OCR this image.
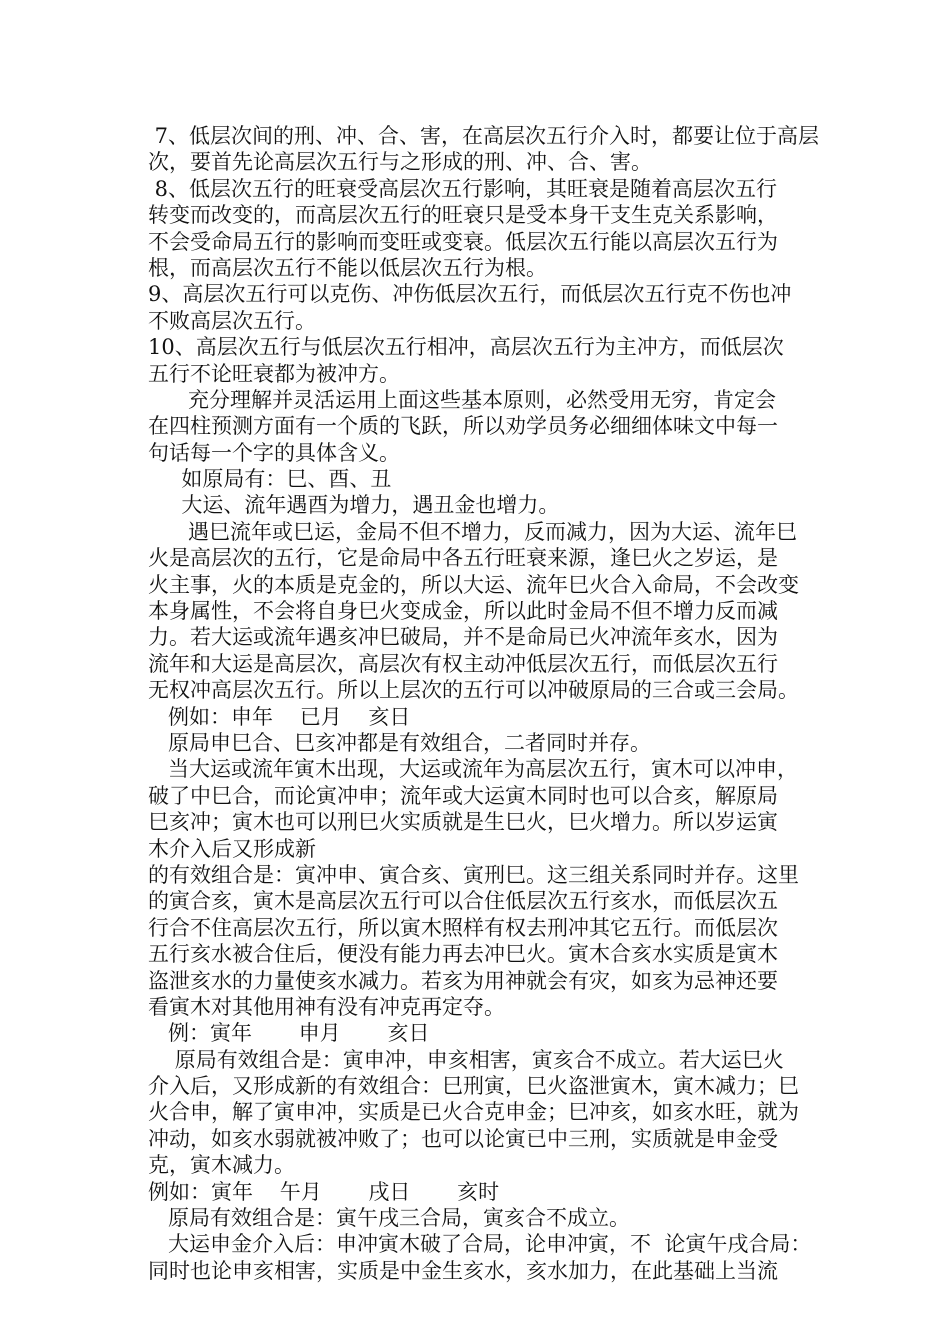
7、低层次间的刑、冲、合、害，在高层次五行介入时，都要让位于高层
次，要首先论高层次五行与之形成的刑、冲、合、害。
8、低层次五行的旺衰受高层次五行影响，其旺衰是随着高层次五行
转变而改变的，而高层次五行的旺衰只是受本身干支生克关系影响，
不会受命局五行的影响而变旺或变衰。低层次五行能以高层次五行为
根，而高层次五行不能以低层次五行为根。
9、高层次五行可以克伤、冲伤低层次五行，而低层次五行克不伤也冲
不败高层次五行。
10、高层次五行与低层次五行相冲，高层次五行为主冲方，而低层次
五行不论旺衰都为被冲方。
充分理解并灵活运用上面这些基本原则，必然受用无穷，肯定会
在四柱预测方面有一个质的飞跃，所以劝学员务必细细体味文中每一
句话每一个字的具体含义。
如原局有：巳、酉、丑
大运、流年遇酉为增力，遇丑金也增力。
遇巳流年或巳运，金局不但不增力，反而减力，因为大运、流年巳
火是高层次的五行，它是命局中各五行旺衰来源，逢巳火之岁运，是
火主事，火的本质是克金的，所以大运、流年巳火合入命局，不会改变
本身属性，不会将自身巳火变成金，所以此时金局不但不增力反而减
力。若大运或流年遇亥冲巳破局，并不是命局已火冲流年亥水，因为
流年和大运是高层次，高层次有权主动冲低层次五行，而低层次五行
无权冲高层次五行。所以上层次的五行可以冲破原局的三合或三会局。
例如：申年    已月    亥日
原局申巳合、巳亥冲都是有效组合，二者同时并存。
当大运或流年寅木出现，大运或流年为高层次五行，寅木可以冲申，
破了中巳合，而论寅冲申；流年或大运寅木同时也可以合亥，解原局
巳亥冲；寅木也可以刑巳火实质就是生巳火，巳火增力。所以岁运寅
木介入后又形成新
的有效组合是：寅冲申、寅合亥、寅刑巳。这三组关系同时并存。这里
的寅合亥，寅木是高层次五行可以合住低层次五行亥水，而低层次五
行合不住高层次五行，所以寅木照样有权去刑冲其它五行。而低层次
五行亥水被合住后，便没有能力再去冲巳火。寅木合亥水实质是寅木
盗泄亥水的力量使亥水减力。若亥为用神就会有灾，如亥为忌神还要
看寅木对其他用神有没有冲克再定夺。
例：寅年       申月       亥日
原局有效组合是：寅申冲，申亥相害，寅亥合不成立。若大运巳火
介入后，又形成新的有效组合：巳刑寅，巳火盗泄寅木，寅木减力；巳
火合申，解了寅申冲，实质是已火合克申金；巳冲亥，如亥水旺，就为
冲动，如亥水弱就被冲败了；也可以论寅已中三刑，实质就是申金受
克，寅木减力。
例如：寅年    午月       戌日       亥时
原局有效组合是：寅午戌三合局，寅亥合不成立。
大运申金介入后：申冲寅木破了合局，论申冲寅，不  论寅午戌合局：
同时也论申亥相害，实质是中金生亥水，亥水加力，在此基础上当流
